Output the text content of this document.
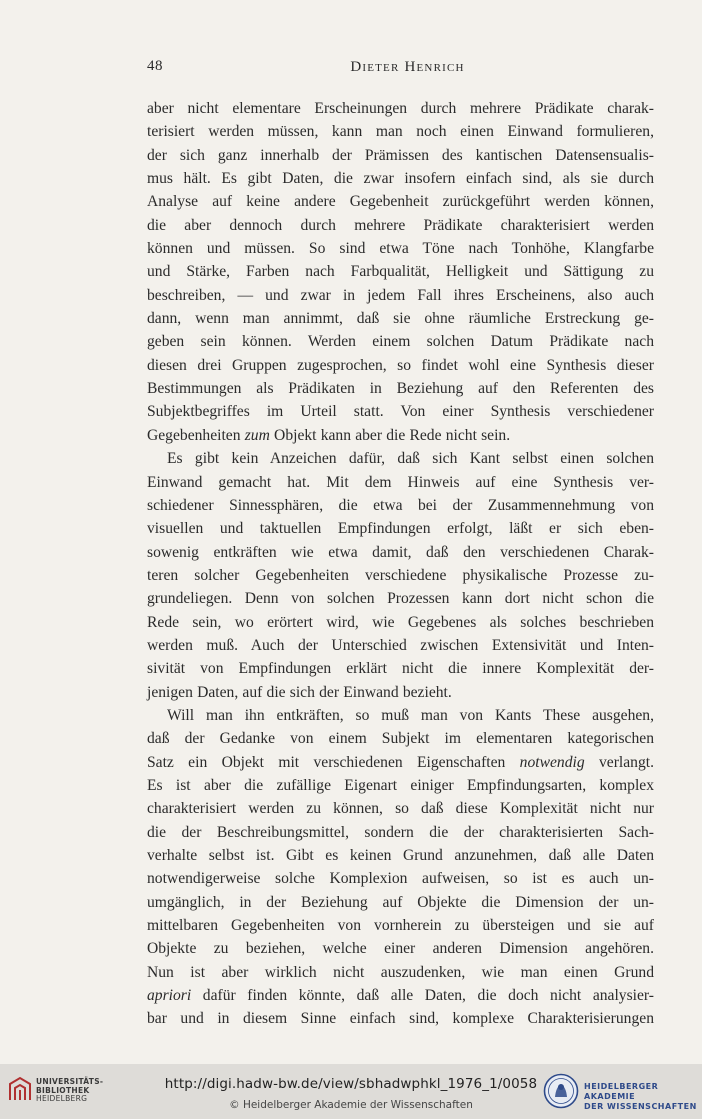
48	Dieter Henrich
aber nicht elementare Erscheinungen durch mehrere Prädikate charak-
terisiert werden müssen, kann man noch einen Einwand formulieren,
der sich ganz innerhalb der Prämissen des kantischen Datensensualis-
mus hält. Es gibt Daten, die zwar insofern einfach sind, als sie durch
Analyse auf keine andere Gegebenheit zurückgeführt werden können,
die aber dennoch durch mehrere Prädikate charakterisiert werden
können und müssen. So sind etwa Töne nach Tonhöhe, Klangfarbe
und Stärke, Farben nach Farbqualität, Helligkeit und Sättigung zu
beschreiben, — und zwar in jedem Fall ihres Erscheinens, also auch
dann, wenn man annimmt, daß sie ohne räumliche Erstreckung ge-
geben sein können. Werden einem solchen Datum Prädikate nach
diesen drei Gruppen zugesprochen, so findet wohl eine Synthesis dieser
Bestimmungen als Prädikaten in Beziehung auf den Referenten des
Subjektbegriffes im Urteil statt. Von einer Synthesis verschiedener
Gegebenheiten zum Objekt kann aber die Rede nicht sein.
Es gibt kein Anzeichen dafür, daß sich Kant selbst einen solchen
Einwand gemacht hat. Mit dem Hinweis auf eine Synthesis ver-
schiedener Sinnessphären, die etwa bei der Zusammennehmung von
visuellen und taktuellen Empfindungen erfolgt, läßt er sich eben-
sowenig entkräften wie etwa damit, daß den verschiedenen Charak-
teren solcher Gegebenheiten verschiedene physikalische Prozesse zu-
grundeliegen. Denn von solchen Prozessen kann dort nicht schon die
Rede sein, wo erörtert wird, wie Gegebenes als solches beschrieben
werden muß. Auch der Unterschied zwischen Extensivität und Inten-
sivität von Empfindungen erklärt nicht die innere Komplexität der-
jenigen Daten, auf die sich der Einwand bezieht.
Will man ihn entkräften, so muß man von Kants These ausgehen,
daß der Gedanke von einem Subjekt im elementaren kategorischen
Satz ein Objekt mit verschiedenen Eigenschaften notwendig verlangt.
Es ist aber die zufällige Eigenart einiger Empfindungsarten, komplex
charakterisiert werden zu können, so daß diese Komplexität nicht nur
die der Beschreibungsmittel, sondern die der charakterisierten Sach-
verhalte selbst ist. Gibt es keinen Grund anzunehmen, daß alle Daten
notwendigerweise solche Komplexion aufweisen, so ist es auch un-
umgänglich, in der Beziehung auf Objekte die Dimension der un-
mittelbaren Gegebenheiten von vornherein zu übersteigen und sie auf
Objekte zu beziehen, welche einer anderen Dimension angehören.
Nun ist aber wirklich nicht auszudenken, wie man einen Grund
apriori dafür finden könnte, daß alle Daten, die doch nicht analysier-
bar und in diesem Sinne einfach sind, komplexe Charakterisierungen
UNIVERSITÄTS-
BIBLIOTHEK
HEIDELBERG
http://digi.hadw-bw.de/view/sbhadwphkl_1976_1/0058
© Heidelberger Akademie der Wissenschaften
HEIDELBERGER AKADEMIE
DER WISSENSCHAFTEN
